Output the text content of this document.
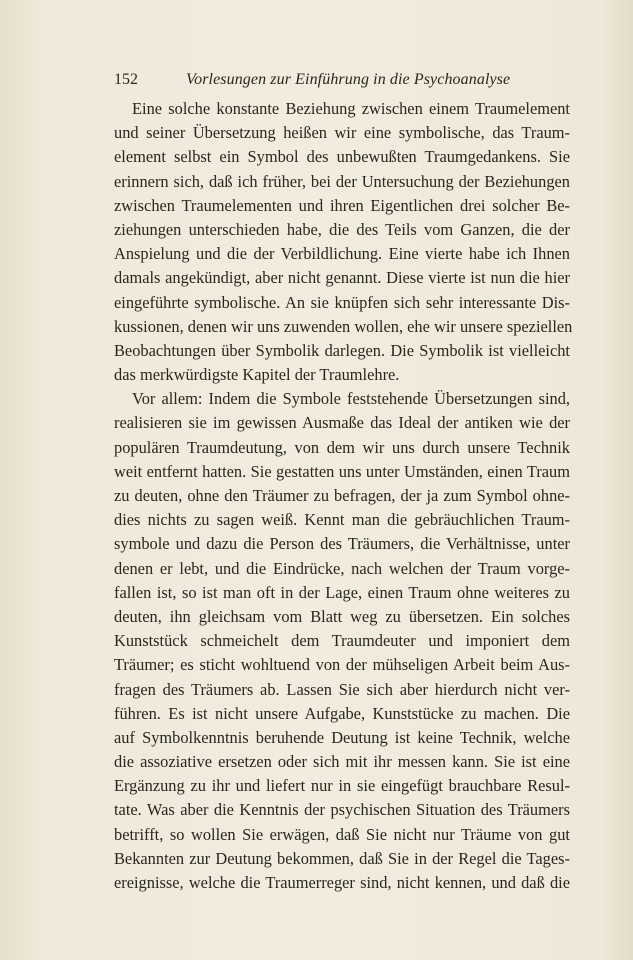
152	Vorlesungen zur Einführung in die Psychoanalyse
Eine solche konstante Beziehung zwischen einem Traumelement
und seiner Übersetzung heißen wir eine symbolische, das Traum-
element selbst ein Symbol des unbewußten Traumgedankens. Sie
erinnern sich, daß ich früher, bei der Untersuchung der Beziehungen
zwischen Traumelementen und ihren Eigentlichen drei solcher Be-
ziehungen unterschieden habe, die des Teils vom Ganzen, die der
Anspielung und die der Verbildlichung. Eine vierte habe ich Ihnen
damals angekündigt, aber nicht genannt. Diese vierte ist nun die hier
eingeführte symbolische. An sie knüpfen sich sehr interessante Dis-
kussionen, denen wir uns zuwenden wollen, ehe wir unsere speziellen
Beobachtungen über Symbolik darlegen. Die Symbolik ist vielleicht
das merkwürdigste Kapitel der Traumlehre.
Vor allem: Indem die Symbole feststehende Übersetzungen sind,
realisieren sie im gewissen Ausmaße das Ideal der antiken wie der
populären Traumdeutung, von dem wir uns durch unsere Technik
weit entfernt hatten. Sie gestatten uns unter Umständen, einen Traum
zu deuten, ohne den Träumer zu befragen, der ja zum Symbol ohne-
dies nichts zu sagen weiß. Kennt man die gebräuchlichen Traum-
symbole und dazu die Person des Träumers, die Verhältnisse, unter
denen er lebt, und die Eindrücke, nach welchen der Traum vorge-
fallen ist, so ist man oft in der Lage, einen Traum ohne weiteres zu
deuten, ihn gleichsam vom Blatt weg zu übersetzen. Ein solches
Kunststück schmeichelt dem Traumdeuter und imponiert dem
Träumer; es sticht wohltuend von der mühseligen Arbeit beim Aus-
fragen des Träumers ab. Lassen Sie sich aber hierdurch nicht ver-
führen. Es ist nicht unsere Aufgabe, Kunststücke zu machen. Die
auf Symbolkenntnis beruhende Deutung ist keine Technik, welche
die assoziative ersetzen oder sich mit ihr messen kann. Sie ist eine
Ergänzung zu ihr und liefert nur in sie eingefügt brauchbare Resul-
tate. Was aber die Kenntnis der psychischen Situation des Träumers
betrifft, so wollen Sie erwägen, daß Sie nicht nur Träume von gut
Bekannten zur Deutung bekommen, daß Sie in der Regel die Tages-
ereignisse, welche die Traumerreger sind, nicht kennen, und daß die
